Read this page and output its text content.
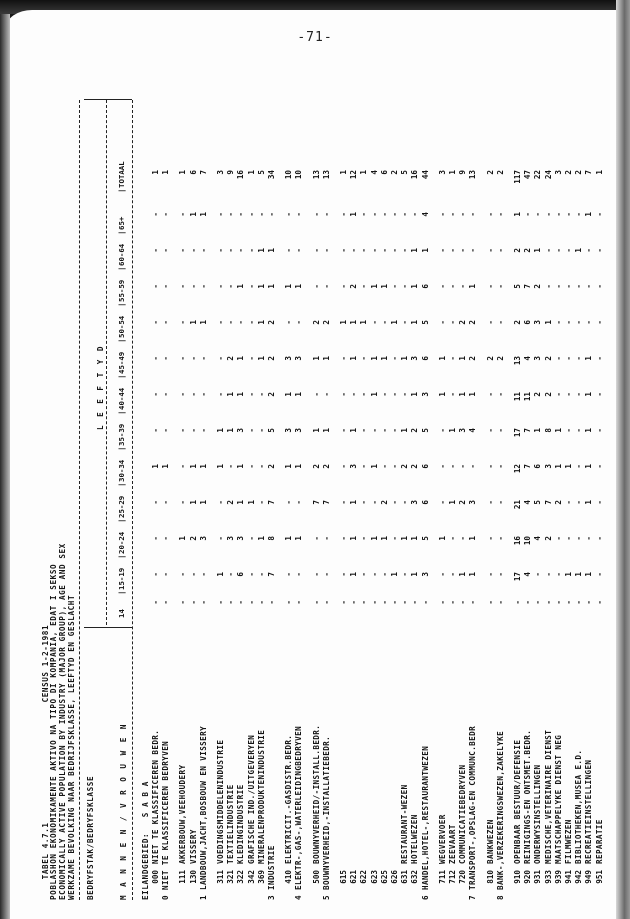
-71-

TABEL 4.7.1CENSUS 1-2-1981
POBLASHON EKONOMIKAMENTE AKTIVO NA TIPO DI KOMPANIA, EDAT I SEKSO ECONOMICALLY ACTIVE POPULATION BY INDUSTRY (MAJOR GROUP), AGE AND SEX WERKZAME BEVOLKING NAAR BEDRIJFSKLASSE, LEEFTYD EN GESLACHT BEDRYFSTAK/BEDRYFSKLASSE
L E E F T Y D
M A N N E N / V R O U W E N
14
15-19
|
20-24
|
25-29
|
30-34
|
35-39
|
40-44
|
45-49
|
50-54
|
55-59
|
60-64
|
65+
|
TOTAAL
|
EILANDGEBIED:   S A B A 000
NIET TE KLASSIFICEREN BEDR.
-
-
-
-
1
-
-
-
-
-
-
-
1
0
NIET TE KLASSIFICEREN BEDRYVEN
-
-
-
-
1
-
-
-
-
-
-
-
1
111
AKKERBOUW,VEEHOUDERY
-
-
1
-
-
-
-
-
-
-
-
-
1
130
VISSERY
-
-
2
1
1
-
-
-
1
-
-
1
6
1
LANDBOUW,JACHT,BOSBOUW EN VISSERY
-
-
3
1
1
-
-
-
1
-
-
1
7
311
VOEDINGSMIDDELENINDUSTRIE
-
1
-
-
1
1
-
-
-
-
-
-
3
321
TEXTIELINDUSTRIE
-
-
3
2
-
1
1
2
-
-
-
-
9
322
KLEDINGINDUSTRIE
-
6
3
1
1
3
1
1
-
1
-
-
16
342
GRAFISCHE IND./UITGEVERYEN
-
-
-
1
-
-
-
-
-
-
-
-
1
369
MINERALENPRODUKTENINDUSTRIE
-
-
1
-
-
-
-
1
1
1
1
-
5
3
INDUSTRIE
-
7
8
7
2
5
2
2
2
1
1
-
34
410
ELEKTRICIT.-GASDISTR.BEDR.
-
-
1
-
1
3
1
3
-
1
-
-
10
4
ELEKTR-,GAS-,WATERLEIDINGBEDRYVEN
-
-
1
-
1
3
1
3
-
1
-
-
10
500
BOUWNYVERHEID/-INSTALL.BEDR.
-
-
-
7
2
1
-
1
2
-
-
-
13
5
BOUWNYVERHEID,-INSTALLATIEBEDR.
-
-
-
7
2
1
-
1
2
-
-
-
13
615
-
-
-
-
-
-
-
-
1
-
-
-
1
621
-
1
1
1
3
1
-
1
1
2
-
1
12
622
-
-
-
-
-
-
-
-
1
-
-
-
1
623
-
-
1
-
1
-
1
1
-
1
-
-
4
625
-
-
1
2
-
-
-
1
-
1
-
-
6
626
-
1
-
-
-
-
-
-
1
-
-
-
2
631
RESTAURANT-WEZEN
-
-
1
-
2
1
-
1
-
-
-
-
5
632
HOTELWEZEN
-
1
1
3
2
2
1
3
1
1
1
-
16
6
HANDEL,HOTEL-,RESTAURANTWEZEN
-
3
5
6
6
5
3
6
5
6
1
4
44
711
WEGVERVOER
-
-
1
-
-
-
1
1
-
-
-
-
3
712
ZEEVAART
-
-
-
1
-
1
-
-
-
-
-
-
1
720
COMMUNICATIEBEDRYVEN
-
1
-
2
-
3
1
1
2
-
-
-
9
7
TRANSPORT-,OPSLAG-EN COMMUNC.BEDR
-
1
1
3
-
4
1
2
2
1
-
-
13
810
BANKWEZEN
-
-
-
-
-
-
-
2
-
-
-
-
2
8
BANK-,VERZEKERINGSWEZEN,ZAKELYKE
-
-
-
-
-
-
-
2
-
-
-
-
2
910
OPENBAAR BESTUUR/DEFENSIE
-
17
16
21
12
17
11
13
2
5
2
1
117
920
REINIGINGS-EN ONTSMET.BEDR.
-
4
10
4
7
7
11
4
6
7
2
-
47
931
ONDERWYSINSTELLINGEN
-
-
4
5
6
1
2
3
3
2
1
-
22
933
MEDISCHE,VETERINAIRE DIENST
-
-
2
7
3
8
2
2
1
-
-
-
24
939
MAATSCHAPPELYKE DIENST NEG
-
-
-
2
1
1
-
-
-
-
-
-
3
941
FILMWEZEN
-
1
-
-
1
-
-
-
-
-
-
-
2
942
BIBLIOTHEKEN,MUSEA E.D.
-
1
-
-
-
-
-
-
-
-
1
-
2
949
RECREATIEINSTELLINGEN
-
1
-
1
1
1
1
1
-
-
-
1
7
951
REPARATIE
-
-
-
-
-
-
-
-
-
-
-
-
1
